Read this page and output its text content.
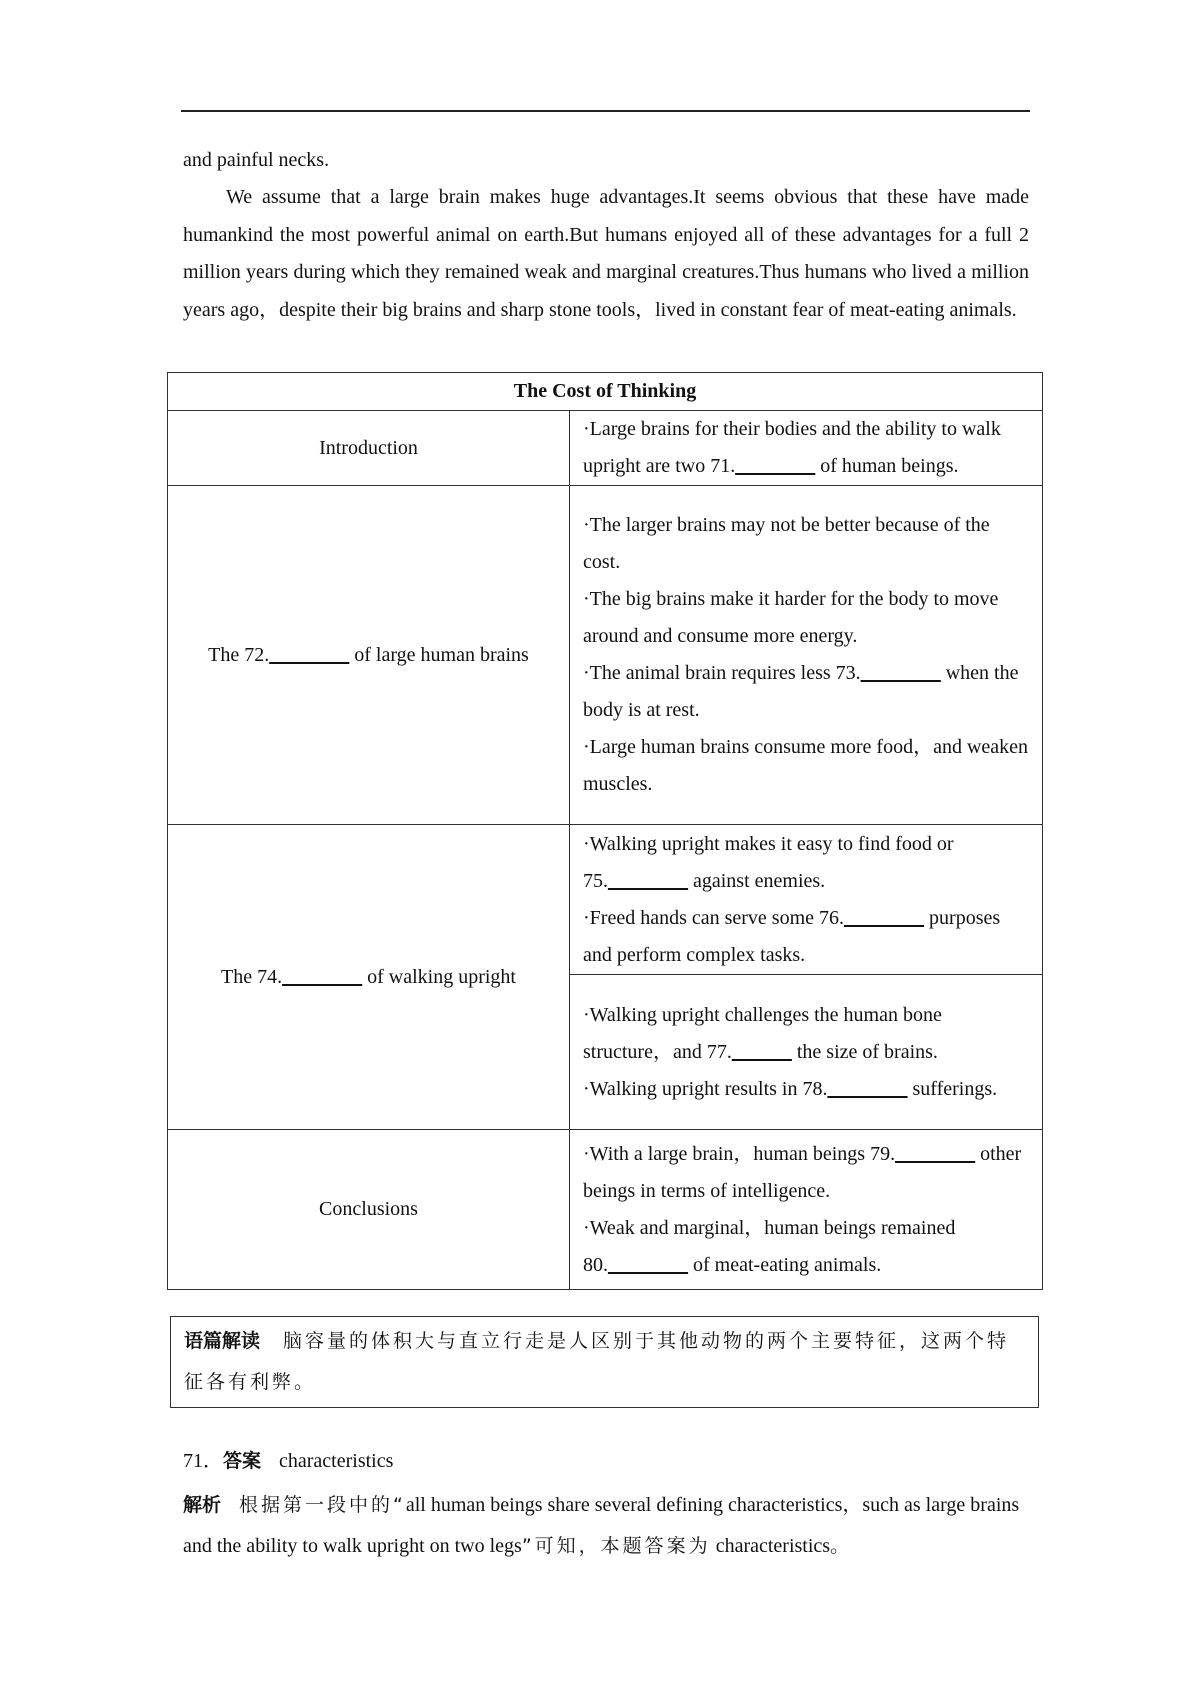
and painful necks.

We assume that a large brain makes huge advantages.It seems obvious that these have made humankind the most powerful animal on earth.But humans enjoyed all of these advantages for a full 2 million years during which they remained weak and marginal creatures.Thus humans who lived a million years ago，despite their big brains and sharp stone tools，lived in constant fear of meat-eating animals.

The Cost of Thinking	
Introduction	·Large brains for their bodies and the ability to walk upright are two 71.________ of human beings.
The 72.________ of large human brains	·The larger brains may not be better because of the cost.
·The big brains make it harder for the body to move around and consume more energy.
·The animal brain requires less 73.________ when the body is at rest.
·Large human brains consume more food，and weaken muscles.

The 74.________ of walking upright	·Walking upright makes it easy to find food or 75.________ against enemies.
·Freed hands can serve some 76.________ purposes and perform complex tasks.

	·Walking upright challenges the human bone structure，and 77.______ the size of brains.
·Walking upright results in 78.________ sufferings.

Conclusions	·With a large brain，human beings 79.________ other beings in terms of intelligence.
·Weak and marginal，human beings remained 80.________ of meat-eating animals.
语篇解读 脑容量的体积大与直立行走是人区别于其他动物的两个主要特征，这两个特征各有利弊。
71．答案 characteristics
解析 根据第一段中的“all human beings share several defining characteristics，such as large brains and the ability to walk upright on two legs”可知，本题答案为 characteristics。
